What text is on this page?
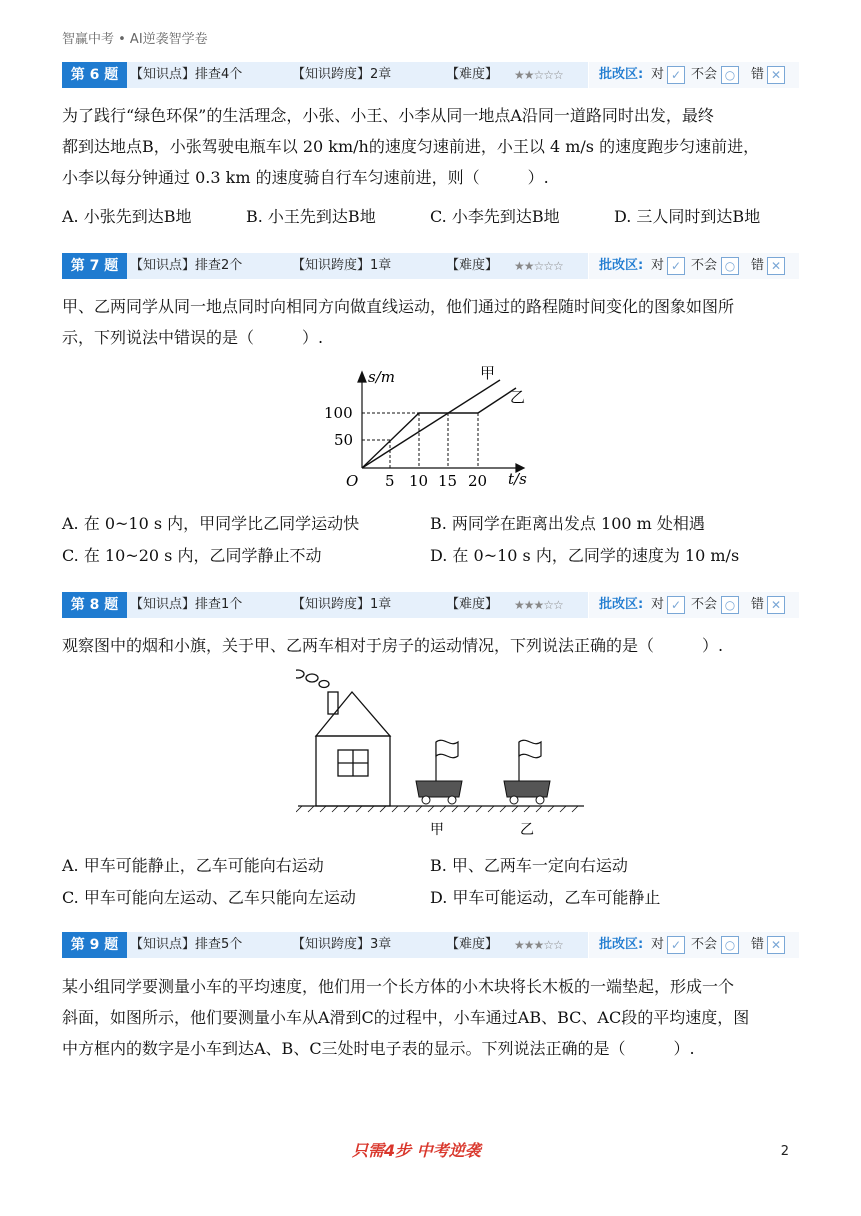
智赢中考 • AI逆袭智学卷
第 6 题 【知识点】排查4个	【知识跨度】2章	【难度】 ★★☆☆☆	批改区: 对 ✓ 不会 ○ 错 ✕
为了践行“绿色环保”的生活理念，小张、小王、小李从同一地点A沿同一道路同时出发，最终
都到达地点B，小张驾驶电瓶车以 20 km/h的速度匀速前进，小王以 4 m/s 的速度跑步匀速前进，
小李以每分钟通过 0.3 km 的速度骑自行车匀速前进，则（　　　）.
A. 小张先到达B地	B. 小王先到达B地	C. 小李先到达B地	D. 三人同时到达B地
第 7 题 【知识点】排查2个	【知识跨度】1章	【难度】 ★★☆☆☆	批改区: 对 ✓ 不会 ○ 错 ✕
甲、乙两同学从同一地点同时向相同方向做直线运动，他们通过的路程随时间变化的图象如图所
示，下列说法中错误的是（　　　）.
s/m
t/s
O
100
50
5 10 15 20
甲
乙
A. 在 0~10 s 内，甲同学比乙同学运动快	B. 两同学在距离出发点 100 m 处相遇
C. 在 10~20 s 内，乙同学静止不动	D. 在 0~10 s 内，乙同学的速度为 10 m/s
第 8 题 【知识点】排查1个	【知识跨度】1章	【难度】 ★★★☆☆	批改区: 对 ✓ 不会 ○ 错 ✕
观察图中的烟和小旗，关于甲、乙两车相对于房子的运动情况，下列说法正确的是（　　　）.
甲	乙
A. 甲车可能静止，乙车可能向右运动	B. 甲、乙两车一定向右运动
C. 甲车可能向左运动、乙车只能向左运动	D. 甲车可能运动，乙车可能静止
第 9 题 【知识点】排查5个	【知识跨度】3章	【难度】 ★★★☆☆	批改区: 对 ✓ 不会 ○ 错 ✕
某小组同学要测量小车的平均速度，他们用一个长方体的小木块将长木板的一端垫起，形成一个
斜面，如图所示，他们要测量小车从A滑到C的过程中，小车通过AB、BC、AC段的平均速度，图
中方框内的数字是小车到达A、B、C三处时电子表的显示。下列说法正确的是（　　　）.
只需4步 中考逆袭	2
